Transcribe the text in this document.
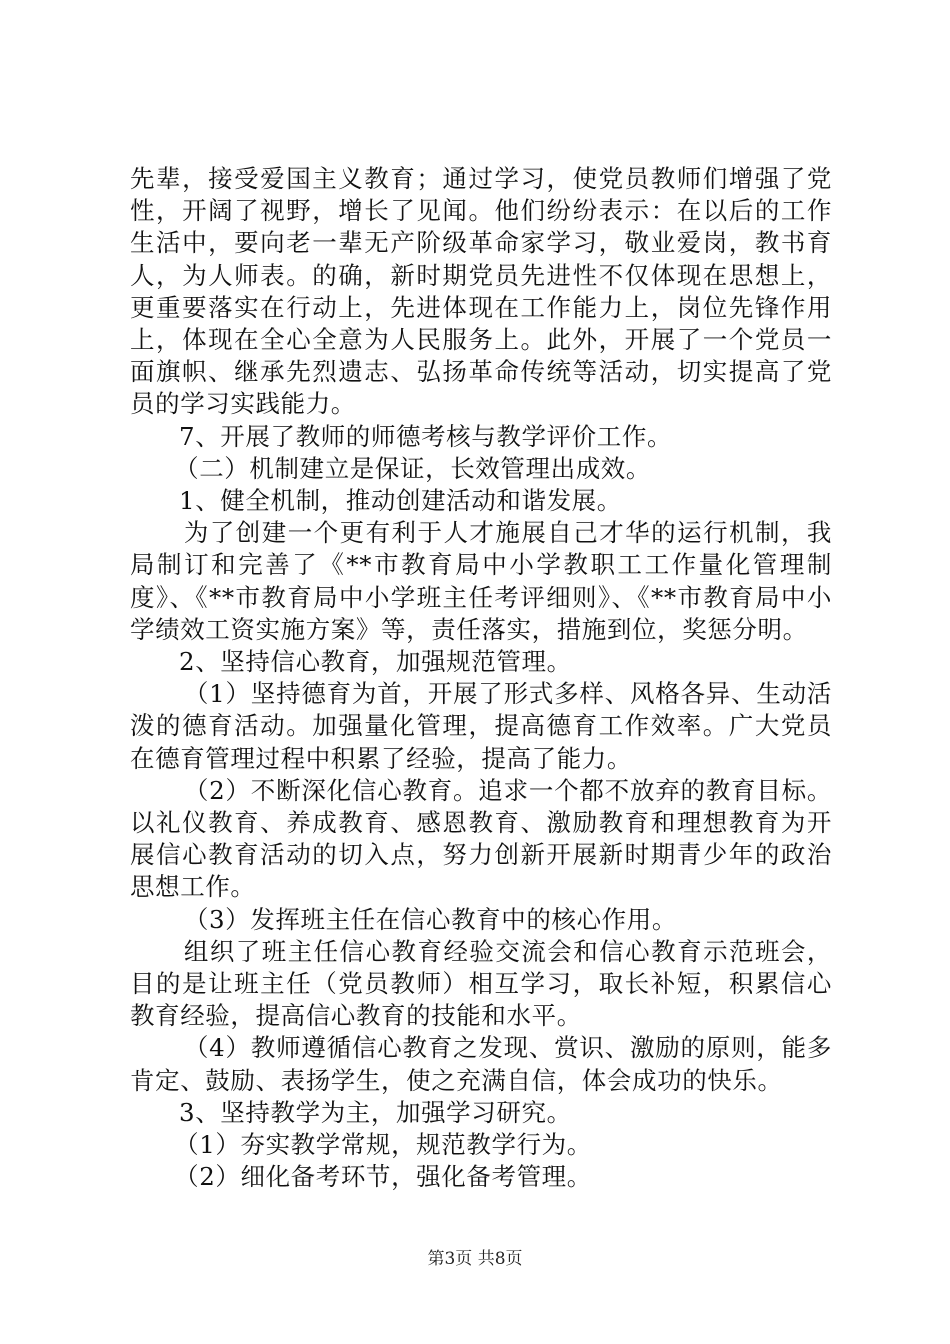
先辈，接受爱国主义教育；通过学习，使党员教师们增强了党性，开阔了视野，增长了见闻。他们纷纷表示：在以后的工作生活中，要向老一辈无产阶级革命家学习，敬业爱岗，教书育人，为人师表。的确，新时期党员先进性不仅体现在思想上，更重要落实在行动上，先进体现在工作能力上，岗位先锋作用上，体现在全心全意为人民服务上。此外，开展了一个党员一面旗帜、继承先烈遗志、弘扬革命传统等活动，切实提高了党员的学习实践能力。

7、开展了教师的师德考核与教学评价工作。

（二）机制建立是保证，长效管理出成效。

1、健全机制，推动创建活动和谐发展。

为了创建一个更有利于人才施展自己才华的运行机制，我局制订和完善了《**市教育局中小学教职工工作量化管理制度》、《**市教育局中小学班主任考评细则》、《**市教育局中小学绩效工资实施方案》等，责任落实，措施到位，奖惩分明。

2、坚持信心教育，加强规范管理。

（1）坚持德育为首，开展了形式多样、风格各异、生动活泼的德育活动。加强量化管理，提高德育工作效率。广大党员在德育管理过程中积累了经验，提高了能力。

（2）不断深化信心教育。追求一个都不放弃的教育目标。以礼仪教育、养成教育、感恩教育、激励教育和理想教育为开展信心教育活动的切入点，努力创新开展新时期青少年的政治思想工作。

（3）发挥班主任在信心教育中的核心作用。

组织了班主任信心教育经验交流会和信心教育示范班会，目的是让班主任（党员教师）相互学习，取长补短，积累信心教育经验，提高信心教育的技能和水平。

（4）教师遵循信心教育之发现、赏识、激励的原则，能多肯定、鼓励、表扬学生，使之充满自信，体会成功的快乐。

3、坚持教学为主，加强学习研究。

（1）夯实教学常规，规范教学行为。

（2）细化备考环节，强化备考管理。

第3页 共8页
